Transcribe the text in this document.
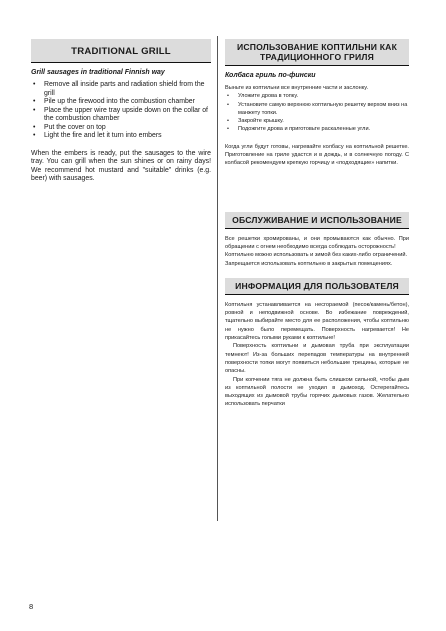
TRADITIONAL GRILL
Grill sausages in traditional Finnish way
• Remove all inside parts and radiation shield from the grill
• Pile up the firewood into the combustion chamber
• Place the upper wire tray upside down on the collar of the combustion chamber
• Put the cover on top
• Light the fire and let it turn into embers

When the embers is ready, put the sausages to the wire tray. You can grill when the sun shines or on rainy days! We recommend hot mustard and "suitable" drinks (e.g. beer) with sausages.

ИСПОЛЬЗОВАНИЕ КОПТИЛЬНИ КАК ТРАДИЦИОННОГО ГРИЛЯ
Колбаса гриль по-фински

Выньте из коптильни все внутренние части и заслонку.

• Уложите дрова в топку.
• Установите самую верхнюю коптильную решетку верхом вниз на манжету топки.
• Закройте крышку.
• Подожгите дрова и приготовьте раскаленные угли.

Когда угли будут готовы, нагревайте колбасу на коптильной решетке. Приготовление на гриле удастся и в дождь, и в солнечную погоду. С колбасой рекомендуем крепкую горчицу и «подходящие» напитки.

ОБСЛУЖИВАНИЕ И ИСПОЛЬЗОВАНИЕ

Все решетки хромированы, и они промываются как обычно. При обращении с огнем необходимо всегда соблюдать осторожность!

Коптильню можно использовать и зимой без каких-либо ограничений.

Запрещается использовать коптильню в закрытых помещениях.

ИНФОРМАЦИЯ ДЛЯ ПОЛЬЗОВАТЕЛЯ

Коптильня устанавливается на несгораемой (песок/камень/бетон), ровной и неподвижной основе. Во избежание повреждений, тщательно выбирайте место для ее расположения, чтобы коптильню не нужно было перемещать. Поверхность нагревается! Не прикасайтесь голыми руками к коптильне!

Поверхность коптильни и дымовая труба при эксплуатации темнеют! Из-за больших перепадов температуры на внутренней поверхности топки могут появиться небольшие трещины, которые не опасны.

При копчении тяга не должна быть слишком сильной, чтобы дым из коптильной полости не уходил в дымоход. Остерегайтесь выходящих из дымовой трубы горячих дымовых газов. Желательно использовать перчатки

8
